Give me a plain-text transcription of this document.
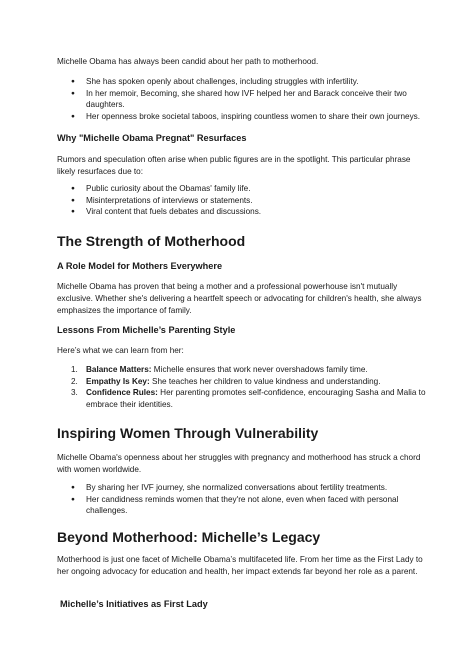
Michelle Obama has always been candid about her path to motherhood.

● She has spoken openly about challenges, including struggles with infertility.
● In her memoir, Becoming, she shared how IVF helped her and Barack conceive their two daughters.
● Her openness broke societal taboos, inspiring countless women to share their own journeys.
Why "Michelle Obama Pregnat" Resurfaces

Rumors and speculation often arise when public figures are in the spotlight. This particular phrase likely resurfaces due to:

● Public curiosity about the Obamas' family life.
● Misinterpretations of interviews or statements.
● Viral content that fuels debates and discussions.
The Strength of Motherhood
A Role Model for Mothers Everywhere

Michelle Obama has proven that being a mother and a professional powerhouse isn't mutually exclusive. Whether she's delivering a heartfelt speech or advocating for children's health, she always emphasizes the importance of family.

Lessons From Michelle’s Parenting Style

Here’s what we can learn from her:

1. Balance Matters: Michelle ensures that work never overshadows family time.
2. Empathy Is Key: She teaches her children to value kindness and understanding.
3. Confidence Rules: Her parenting promotes self-confidence, encouraging Sasha and Malia to embrace their identities.
Inspiring Women Through Vulnerability

Michelle Obama's openness about her struggles with pregnancy and motherhood has struck a chord with women worldwide.

● By sharing her IVF journey, she normalized conversations about fertility treatments.
● Her candidness reminds women that they're not alone, even when faced with personal challenges.
Beyond Motherhood: Michelle’s Legacy

Motherhood is just one facet of Michelle Obama’s multifaceted life. From her time as the First Lady to her ongoing advocacy for education and health, her impact extends far beyond her role as a parent.

Michelle’s Initiatives as First Lady
